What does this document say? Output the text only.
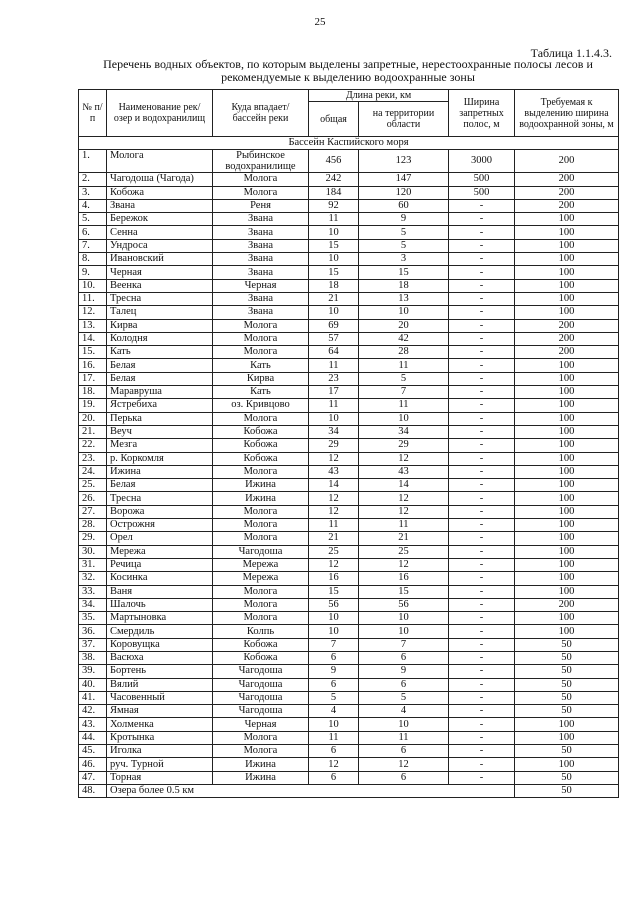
25
Таблица 1.1.4.3.
Перечень водных объектов, по которым выделены запретные, нерестоохранные полосы лесов и рекомендуемые к выделению водоохранные зоны
№ п/п	Наименование рек/ озер и водохранилищ	Куда впадает/ бассейн реки	Длина реки, км		Ширина запретных полос, м	Требуемая к выделению ширина водоохранной зоны, м
			общая	на территории области		
Бассейн Каспийского моря						
1.	Молога	Рыбинское водохранилище	456	123	3000	200
2.	Чагодоша (Чагода)	Молога	242	147	500	200
3.	Кобожа	Молога	184	120	500	200
4.	Звана	Реня	92	60	-	200
5.	Бережок	Звана	11	9	-	100
6.	Сенна	Звана	10	5	-	100
7.	Ундроса	Звана	15	5	-	100
8.	Ивановский	Звана	10	3	-	100
9.	Черная	Звана	15	15	-	100
10.	Веенка	Черная	18	18	-	100
11.	Тресна	Звана	21	13	-	100
12.	Талец	Звана	10	10	-	100
13.	Кирва	Молога	69	20	-	200
14.	Колодня	Молога	57	42	-	200
15.	Кать	Молога	64	28	-	200
16.	Белая	Кать	11	11	-	100
17.	Белая	Кирва	23	5	-	100
18.	Маравруша	Кать	17	7	-	100
19.	Ястребиха	оз. Кривцово	11	11	-	100
20.	Перька	Молога	10	10	-	100
21.	Веуч	Кобожа	34	34	-	100
22.	Мезга	Кобожа	29	29	-	100
23.	р. Коркомля	Кобожа	12	12	-	100
24.	Ижина	Молога	43	43	-	100
25.	Белая	Ижина	14	14	-	100
26.	Тресна	Ижина	12	12	-	100
27.	Ворожа	Молога	12	12	-	100
28.	Острожня	Молога	11	11	-	100
29.	Орел	Молога	21	21	-	100
30.	Мережа	Чагодоша	25	25	-	100
31.	Речица	Мережа	12	12	-	100
32.	Косинка	Мережа	16	16	-	100
33.	Ваня	Молога	15	15	-	100
34.	Шалочь	Молога	56	56	-	200
35.	Мартыновка	Молога	10	10	-	100
36.	Смердиль	Колпь	10	10	-	100
37.	Коровущка	Кобожа	7	7	-	50
38.	Васюха	Кобожа	6	6	-	50
39.	Бортень	Чагодоша	9	9	-	50
40.	Вялий	Чагодоша	6	6	-	50
41.	Часовенный	Чагодоша	5	5	-	50
42.	Ямная	Чагодоша	4	4	-	50
43.	Холменка	Черная	10	10	-	100
44.	Кротынка	Молога	11	11	-	100
45.	Иголка	Молога	6	6	-	50
46.	руч. Турной	Ижина	12	12	-	100
47.	Торная	Ижина	6	6	-	50
48.	Озера более 0.5 км					50
